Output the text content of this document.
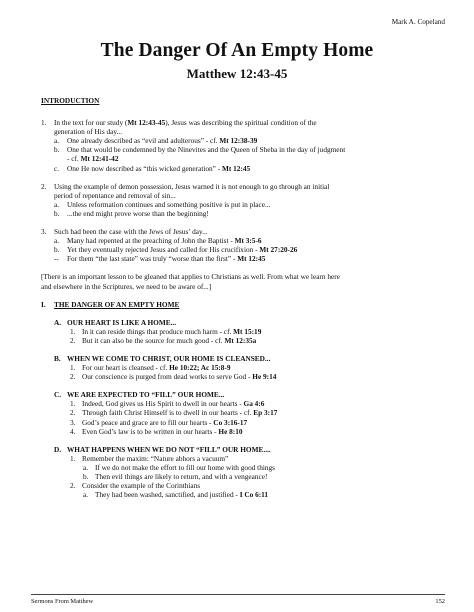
Mark A. Copeland
The Danger Of An Empty Home
Matthew 12:43-45
INTRODUCTION
1.	In the text for our study (Mt 12:43-45), Jesus was describing the spiritual condition of the
generation of His day...
a.	One already described as “evil and adulterous” - cf. Mt 12:38-39
b.	One that would be condemned by the Ninevites and the Queen of Sheba in the day of judgment
- cf. Mt 12:41-42
c.	One He now described as “this wicked generation” - Mt 12:45
2.	Using the example of demon possession, Jesus warned it is not enough to go through an initial
period of repentance and removal of sin...
a.	Unless reformation continues and something positive is put in place...
b.	...the end might prove worse than the beginning!
3.	Such had been the case with the Jews of Jesus’ day...
a.	Many had repented at the preaching of John the Baptist - Mt 3:5-6
b.	Yet they eventually rejected Jesus and called for His crucifixion - Mt 27:20-26
--	For them “the last state” was truly “worse than the first” - Mt 12:45
[There is an important lesson to be gleaned that applies to Christians as well. From what we learn here
and elsewhere in the Scriptures, we need to be aware of...]
I.	THE DANGER OF AN EMPTY HOME
A. OUR HEART IS LIKE A HOME...
1. In it can reside things that produce much harm - cf. Mt 15:19
2. But it can also be the source for much good - cf. Mt 12:35a
B. WHEN WE COME TO CHRIST, OUR HOME IS CLEANSED...
1. For our heart is cleansed - cf. He 10:22; Ac 15:8-9
2. Our conscience is purged from dead works to serve God - He 9:14
C. WE ARE EXPECTED TO “FILL” OUR HOME...
1. Indeed, God gives us His Spirit to dwell in our hearts - Ga 4:6
2. Through faith Christ Himself is to dwell in our hearts - cf. Ep 3:17
3. God’s peace and grace are to fill our hearts - Co 3:16-17
4. Even God’s law is to be written in our hearts - He 8:10
D. WHAT HAPPENS WHEN WE DO NOT “FILL” OUR HOME....
1. Remember the maxim: “Nature abhors a vacuum”
a. If we do not make the effort to fill our home with good things
b. Then evil things are likely to return, and with a vengeance!
2. Consider the example of the Corinthians
a. They had been washed, sanctified, and justified - I Co 6:11
Sermons From Matthew	152
